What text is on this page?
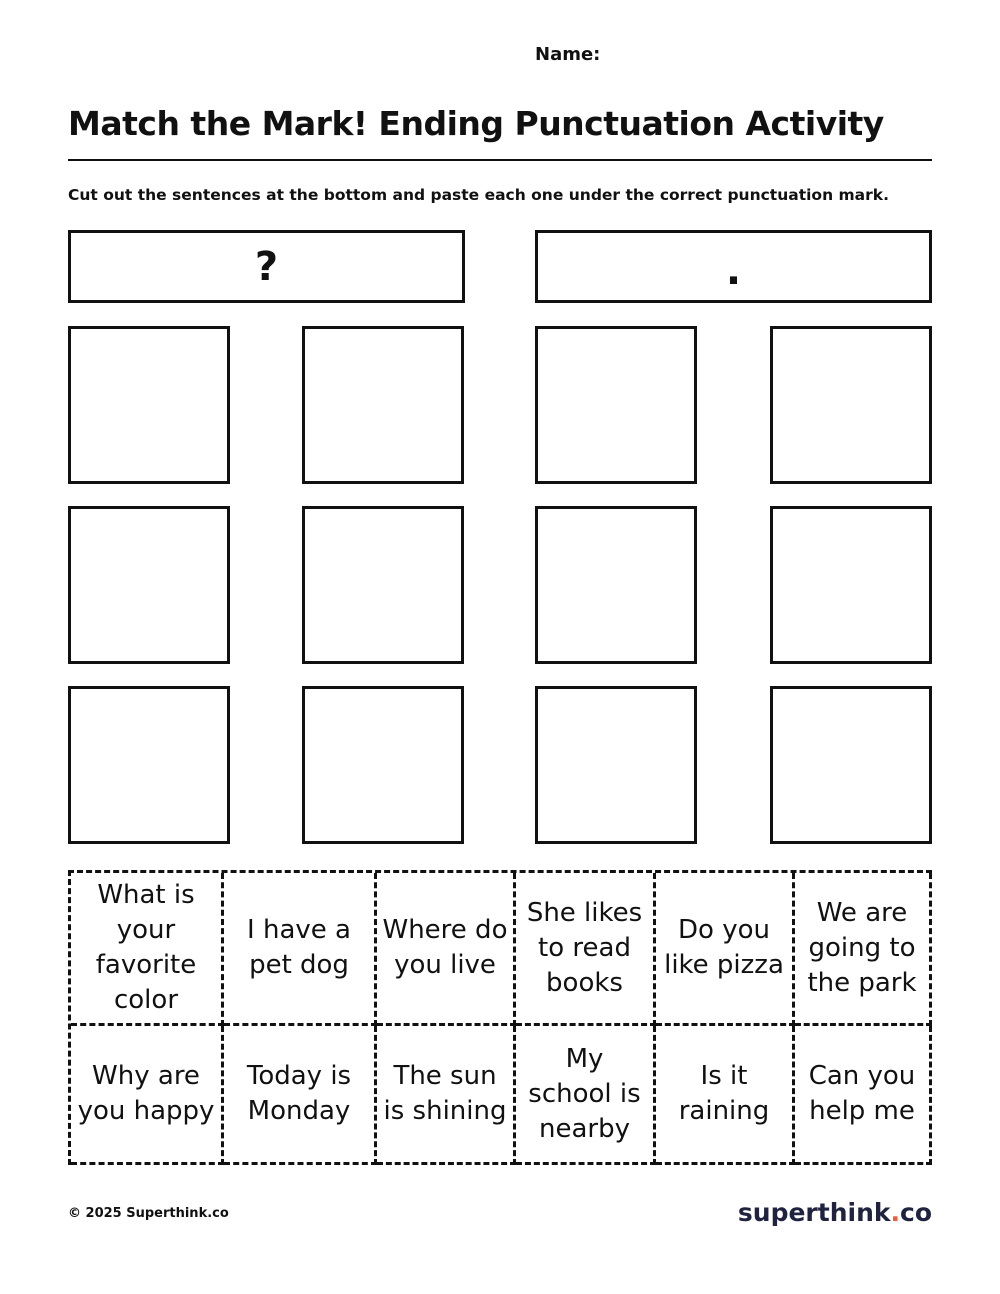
Name:
Match the Mark! Ending Punctuation Activity
Cut out the sentences at the bottom and paste each one under the correct punctuation mark.
?	.
What is your favorite color
I have a pet dog
Where do you live
She likes to read books
Do you like pizza
We are going to the park
Why are you happy
Today is Monday
The sun is shining
My school is nearby
Is it raining
Can you help me
© 2025 Superthink.co	superthink.co
